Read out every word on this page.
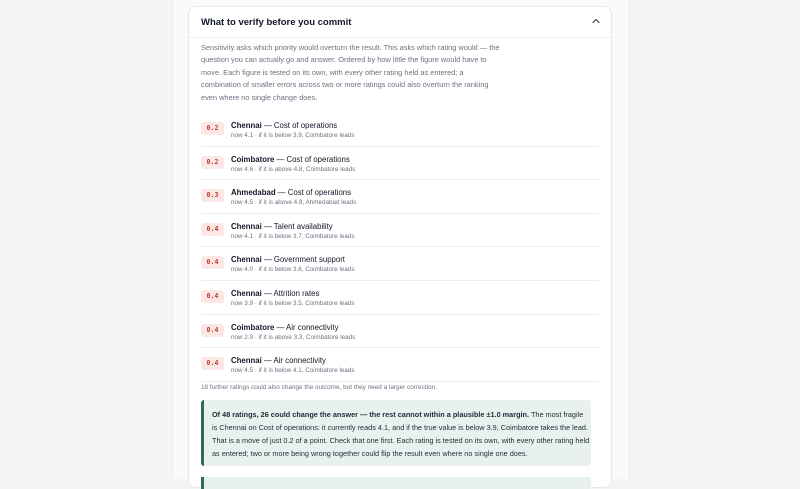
What to verify before you commit
Sensitivity asks which priority would overturn the result. This asks which rating would — the question you can actually go and answer. Ordered by how little the figure would have to move. Each figure is tested on its own, with every other rating held as entered; a combination of smaller errors across two or more ratings could also overturn the ranking even where no single change does.
0.2	Chennai — Cost of operations
now 4.1 · if it is below 3.9, Coimbatore leads
0.2	Coimbatore — Cost of operations
now 4.6 · if it is above 4.8, Coimbatore leads
0.3	Ahmedabad — Cost of operations
now 4.5 · if it is above 4.8, Ahmedabad leads
0.4	Chennai — Talent availability
now 4.1 · if it is below 3.7, Coimbatore leads
0.4	Chennai — Government support
now 4.0 · if it is below 3.6, Coimbatore leads
0.4	Chennai — Attrition rates
now 3.9 · if it is below 3.5, Coimbatore leads
0.4	Coimbatore — Air connectivity
now 2.9 · if it is above 3.3, Coimbatore leads
0.4	Chennai — Air connectivity
now 4.5 · if it is below 4.1, Coimbatore leads
18 further ratings could also change the outcome, but they need a larger correction.
Of 48 ratings, 26 could change the answer — the rest cannot within a plausible ±1.0 margin. The most fragile is Chennai on Cost of operations: it currently reads 4.1, and if the true value is below 3.9, Coimbatore takes the lead. That is a move of just 0.2 of a point. Check that one first. Each rating is tested on its own, with every other rating held as entered; two or more being wrong together could flip the result even where no single one does.
